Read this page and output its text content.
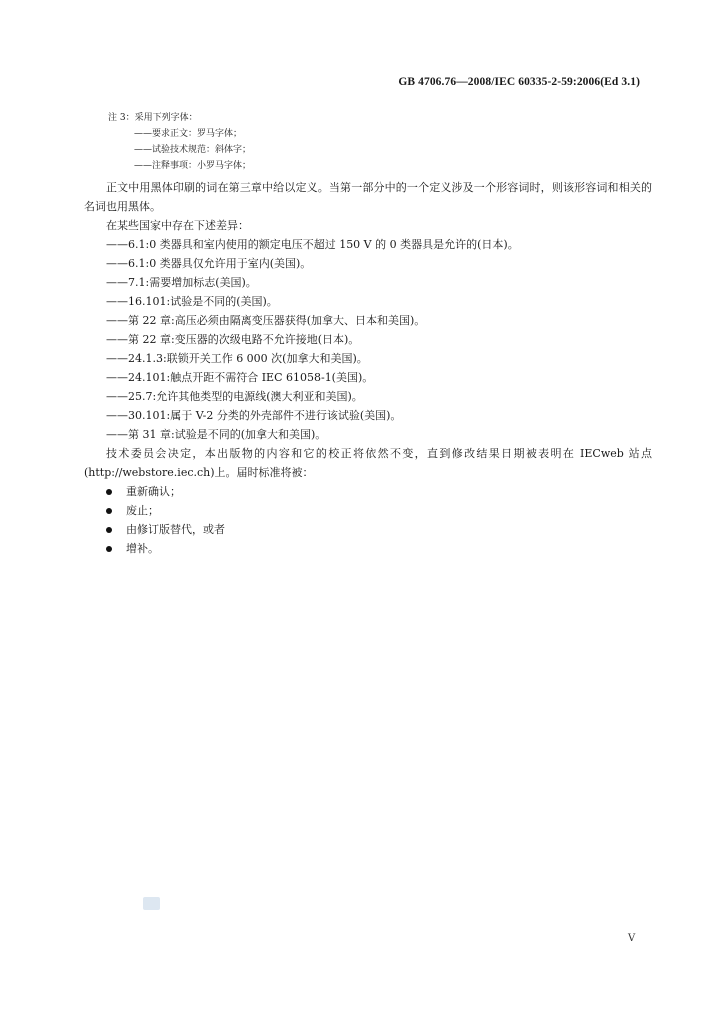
GB 4706.76—2008/IEC 60335-2-59:2006(Ed 3.1)
注 3：采用下列字体：
——要求正文：罗马字体；
——试验技术规范：斜体字；
——注释事项：小罗马字体；

正文中用黑体印刷的词在第三章中给以定义。当第一部分中的一个定义涉及一个形容词时，则该形容词和相关的名词也用黑体。

在某些国家中存在下述差异：

——6.1:0 类器具和室内使用的额定电压不超过 150 V 的 0 类器具是允许的(日本)。

——6.1:0 类器具仅允许用于室内(美国)。

——7.1:需要增加标志(美国)。

——16.101:试验是不同的(美国)。

——第 22 章:高压必须由隔离变压器获得(加拿大、日本和美国)。

——第 22 章:变压器的次级电路不允许接地(日本)。

——24.1.3:联锁开关工作 6 000 次(加拿大和美国)。

——24.101:触点开距不需符合 IEC 61058-1(美国)。

——25.7:允许其他类型的电源线(澳大利亚和美国)。

——30.101:属于 V-2 分类的外壳部件不进行该试验(美国)。

——第 31 章:试验是不同的(加拿大和美国)。

技术委员会决定，本出版物的内容和它的校正将依然不变，直到修改结果日期被表明在 IECweb 站点(http://webstore.iec.ch)上。届时标准将被：

重新确认；
废止；
由修订版替代，或者
增补。
V
